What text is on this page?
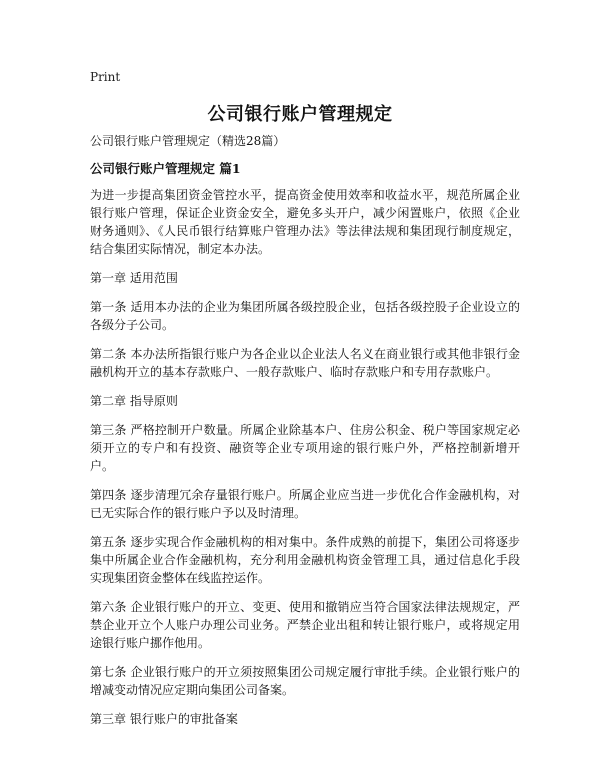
Print
公司银行账户管理规定
公司银行账户管理规定（精选28篇）
公司银行账户管理规定 篇1
为进一步提高集团资金管控水平，提高资金使用效率和收益水平，规范所属企业银行账户管理，保证企业资金安全，避免多头开户，减少闲置账户，依照《企业财务通则》、《人民币银行结算账户管理办法》等法律法规和集团现行制度规定，结合集团实际情况，制定本办法。
第一章 适用范围
第一条 适用本办法的企业为集团所属各级控股企业，包括各级控股子企业设立的各级分子公司。
第二条 本办法所指银行账户为各企业以企业法人名义在商业银行或其他非银行金融机构开立的基本存款账户、一般存款账户、临时存款账户和专用存款账户。
第二章 指导原则
第三条 严格控制开户数量。所属企业除基本户、住房公积金、税户等国家规定必须开立的专户和有投资、融资等企业专项用途的银行账户外，严格控制新增开户。
第四条 逐步清理冗余存量银行账户。所属企业应当进一步优化合作金融机构，对已无实际合作的银行账户予以及时清理。
第五条 逐步实现合作金融机构的相对集中。条件成熟的前提下，集团公司将逐步集中所属企业合作金融机构，充分利用金融机构资金管理工具，通过信息化手段实现集团资金整体在线监控运作。
第六条 企业银行账户的开立、变更、使用和撤销应当符合国家法律法规规定，严禁企业开立个人账户办理公司业务。严禁企业出租和转让银行账户，或将规定用途银行账户挪作他用。
第七条 企业银行账户的开立须按照集团公司规定履行审批手续。企业银行账户的增减变动情况应定期向集团公司备案。
第三章 银行账户的审批备案
